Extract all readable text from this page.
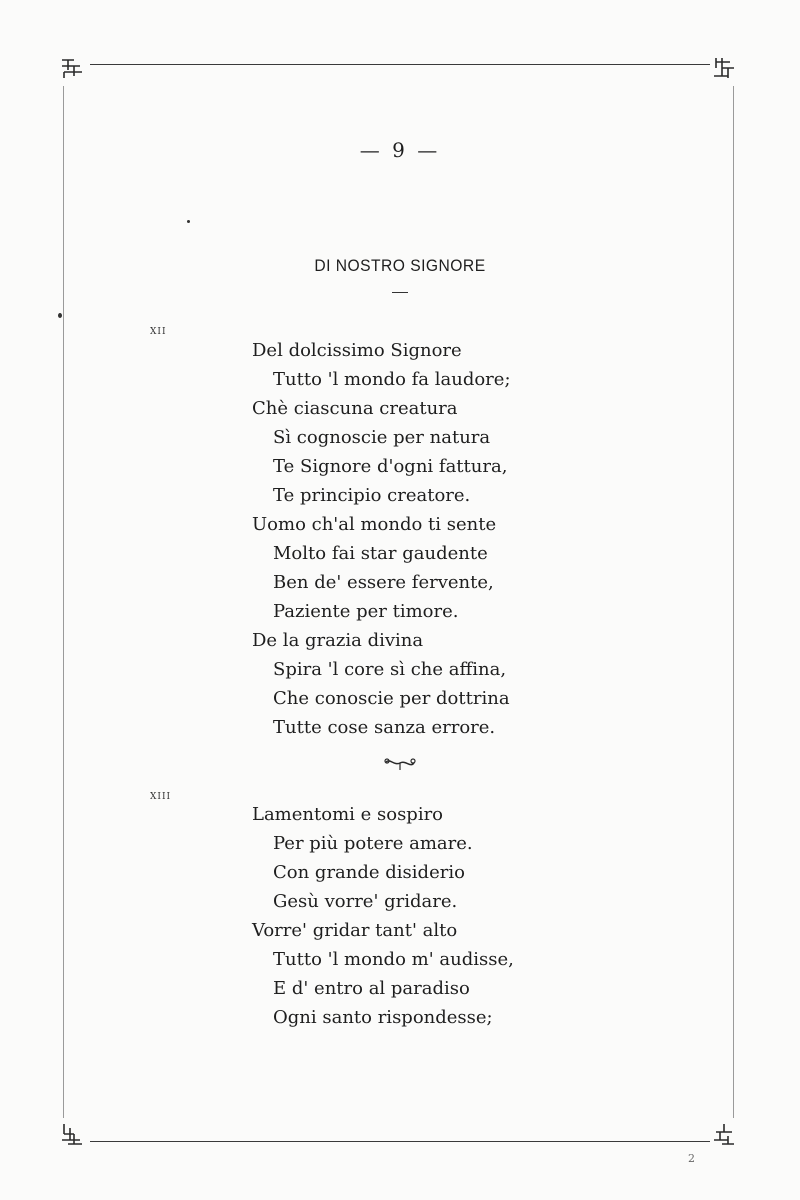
— 9 —
DI NOSTRO SIGNORE
XII
Del dolcissimo Signore
Tutto 'l mondo fa laudore;
Chè ciascuna creatura
Sì cognoscie per natura
Te Signore d'ogni fattura,
Te principio creatore.
Uomo ch'al mondo ti sente
Molto fai star gaudente
Ben de' essere fervente,
Paziente per timore.
De la grazia divina
Spira 'l core sì che affina,
Che conoscie per dottrina
Tutte cose sanza errore.
XIII
Lamentomi e sospiro
Per più potere amare.
Con grande disiderio
Gesù vorre' gridare.
Vorre' gridar tant' alto
Tutto 'l mondo m' audisse,
E d' entro al paradiso
Ogni santo rispondesse;
2
